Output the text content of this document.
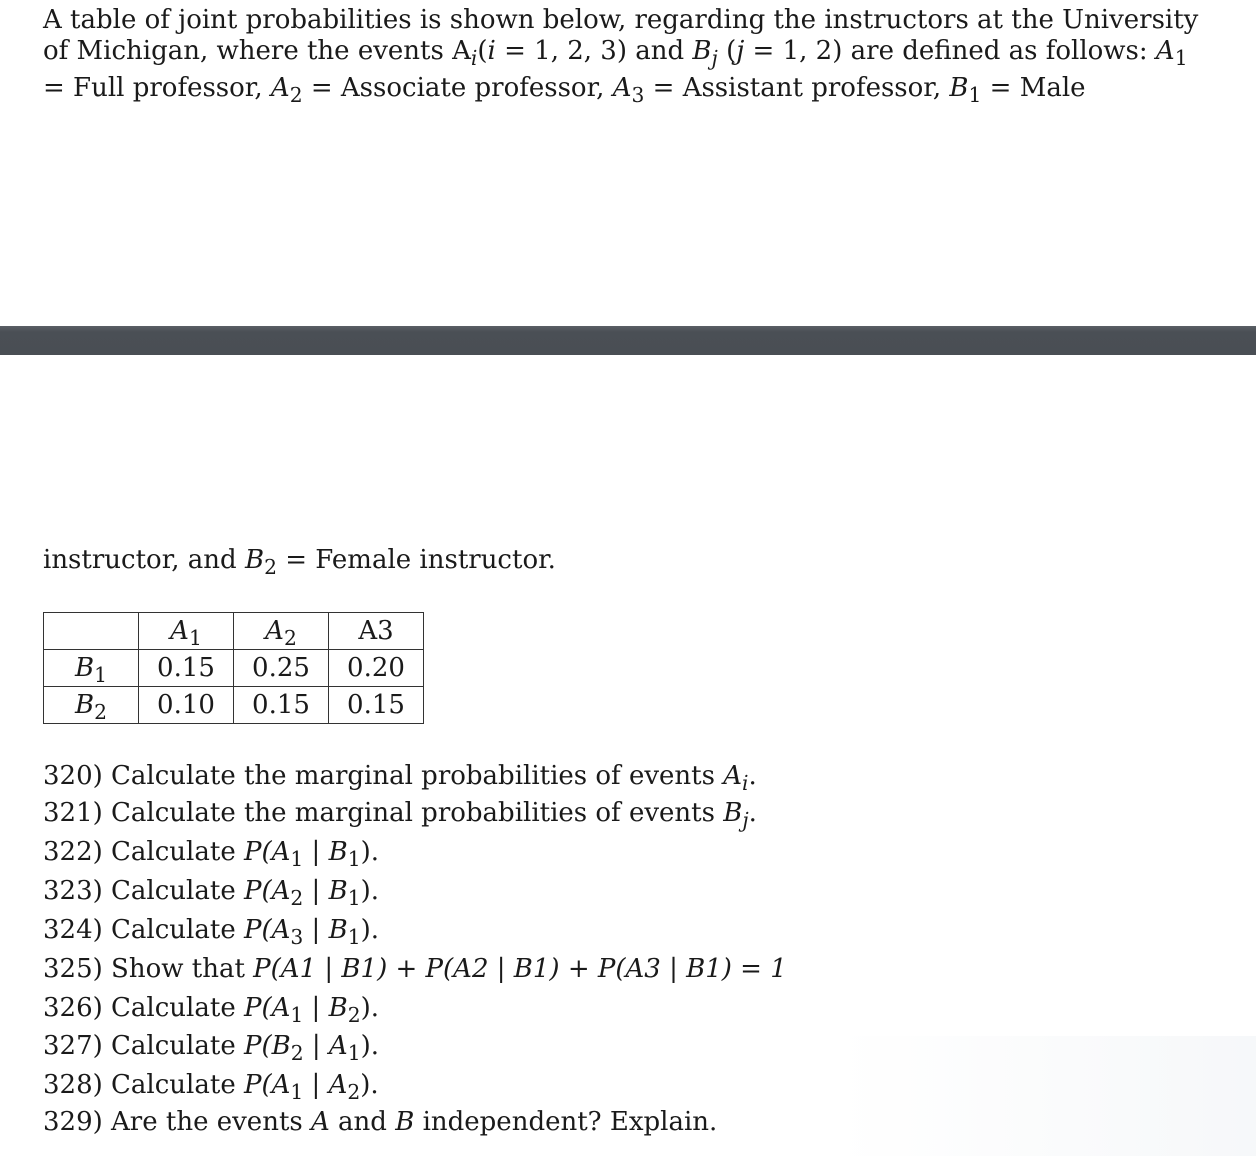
A table of joint probabilities is shown below, regarding the instructors at the University
of Michigan, where the events $A_i(i = 1$, 2, 3) and $B_j$ (j = 1, 2) are defined as follows: $A_1$
= Full professor, $A_2$ = Associate professor, $A_3$ = Assistant professor, $B_1$ = Male
instructor, and $B_2$ = Female instructor.
	$A_1$	$A_2$	A3
$B_1$	0.15	0.25	0.20
$B_2$	0.10	0.15	0.15
320) Calculate the marginal probabilities of events $A_i$.
321) Calculate the marginal probabilities of events $B_j$.
322) Calculate $P(A_1$ | $B_1$).
323) Calculate $P(A_2$ | $B_1$).
324) Calculate $P(A_3$ | $B_1$).
325) Show that P(A1 | B1) + P(A2 | B1) + P(A3 | B1) = 1
326) Calculate $P(A_1$ | $B_2$).
327) Calculate $P(B_2$ | $A_1$).
328) Calculate $P(A_1$ | $A_2$).
329) Are the events A and B independent? Explain.
